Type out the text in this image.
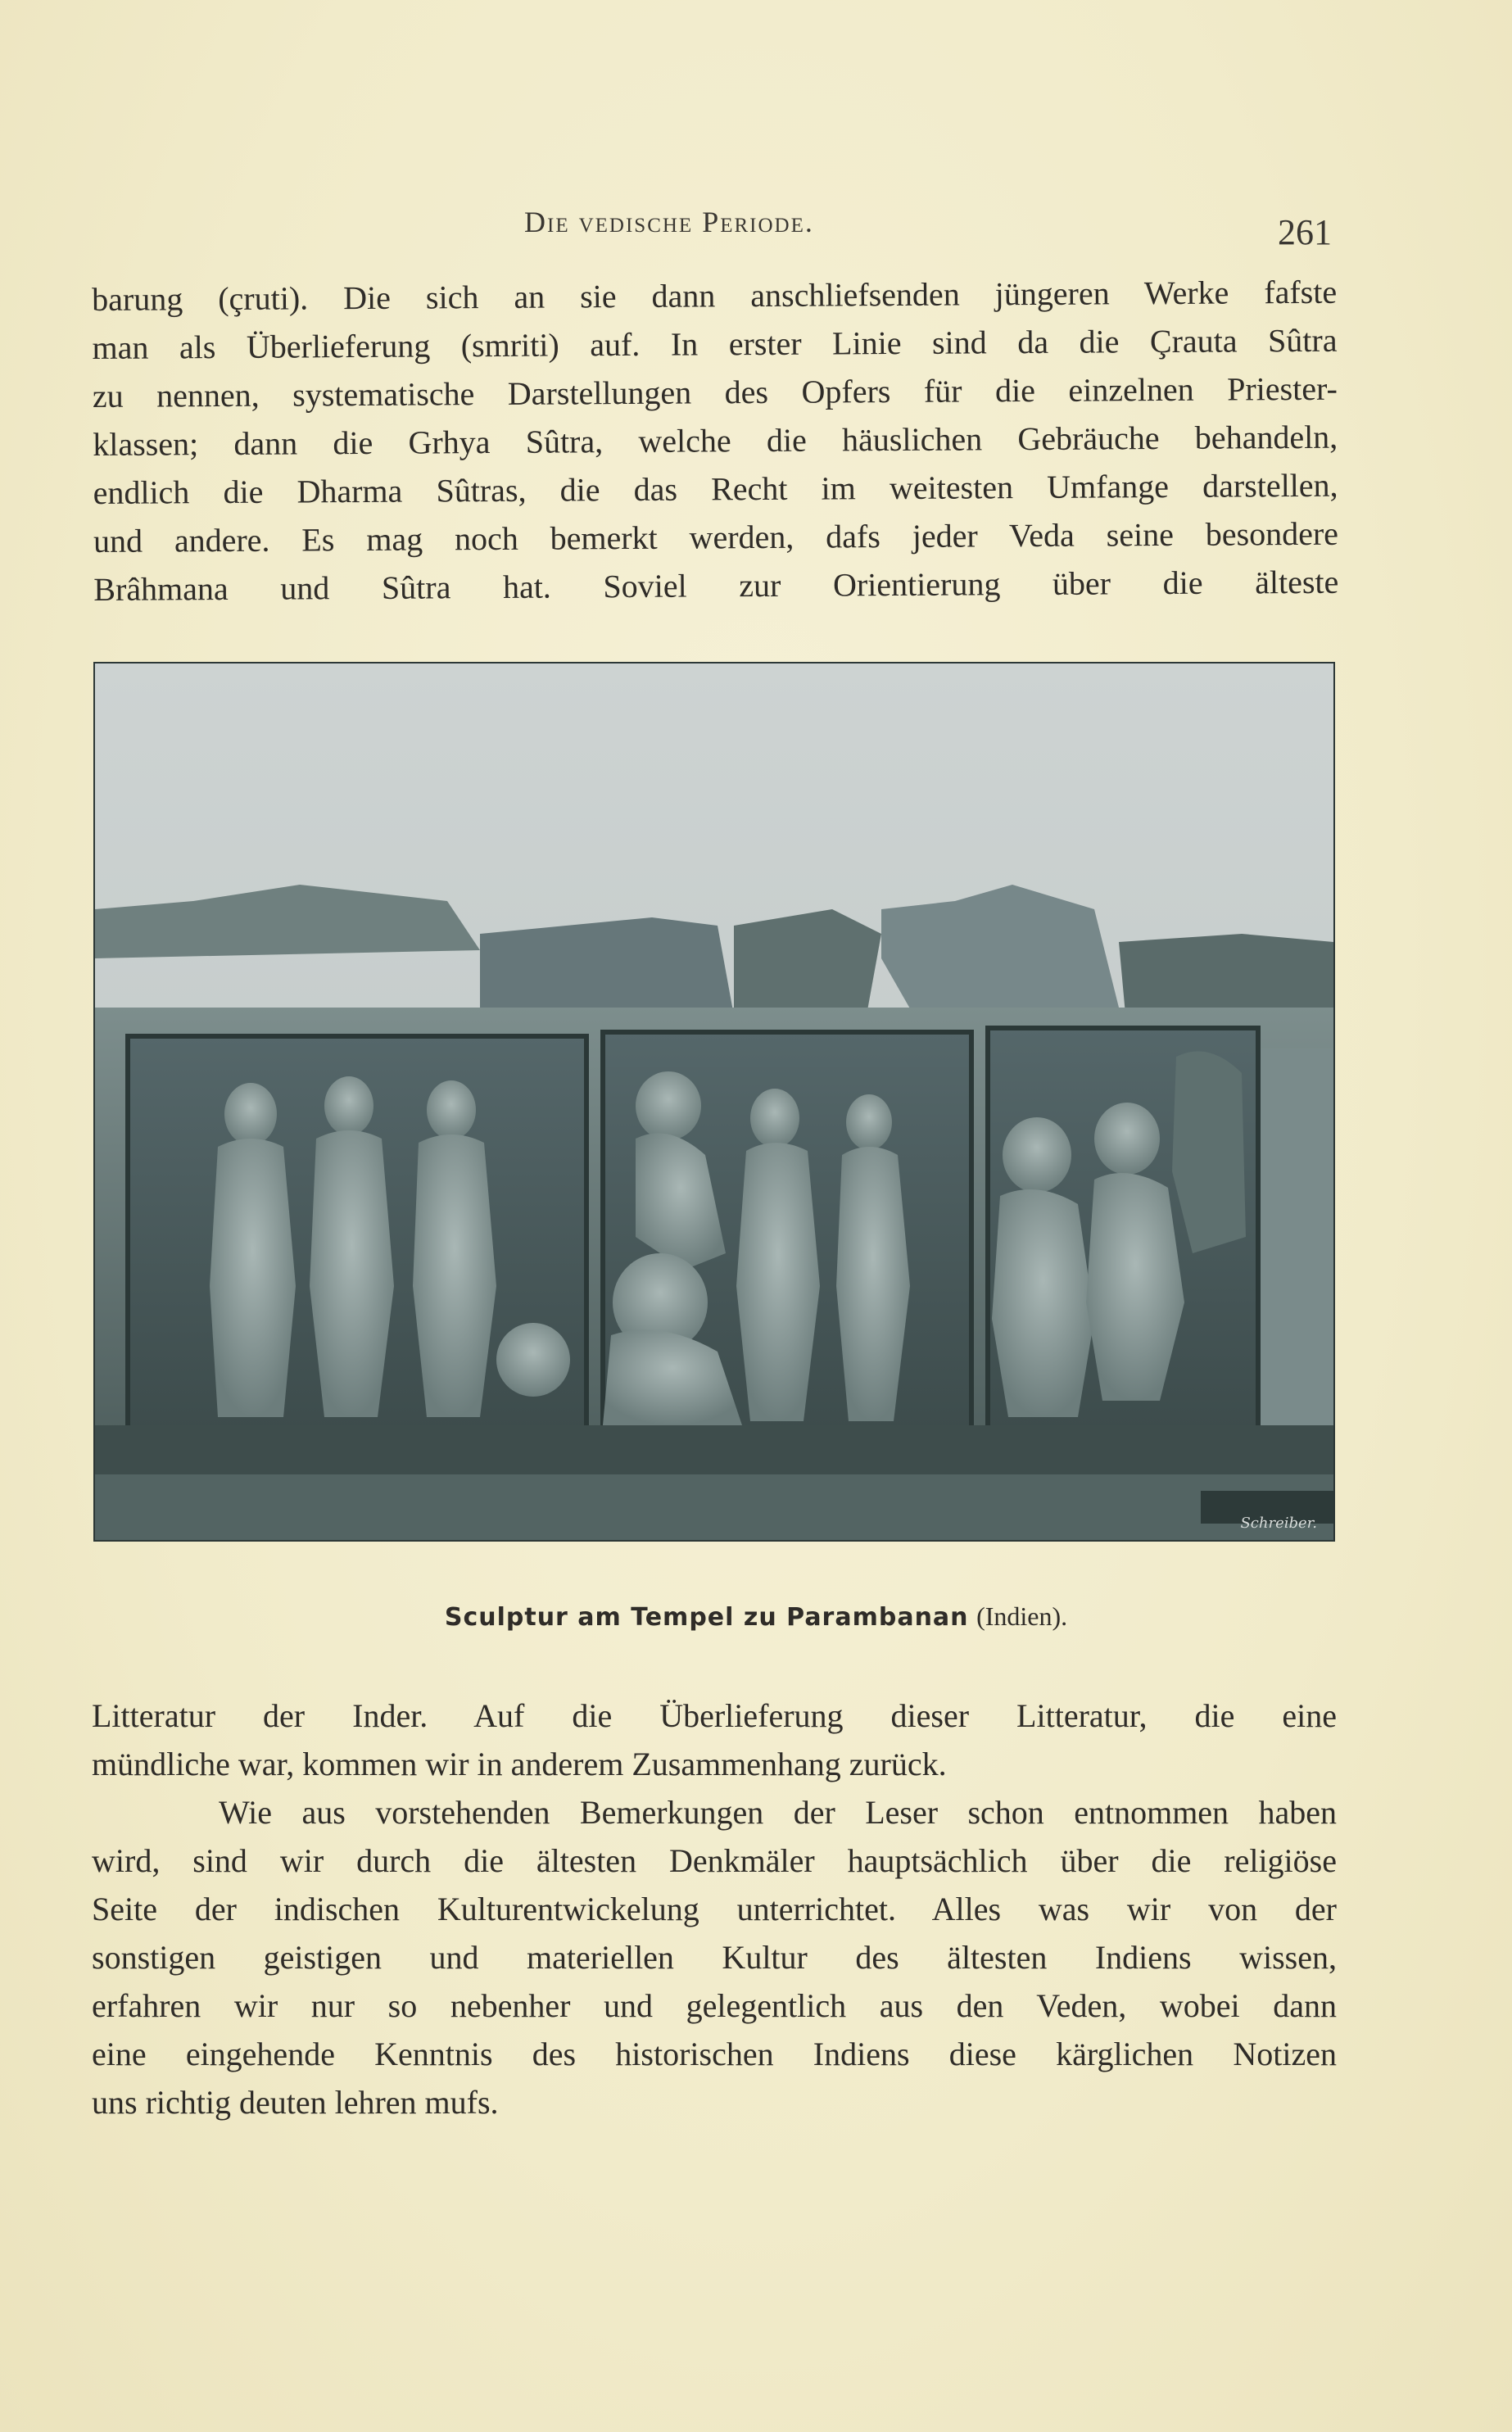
Die vedische Periode.	261
barung (çruti). Die sich an sie dann anschliefsenden jüngeren Werke fafste
man als Überlieferung (smriti) auf. In erster Linie sind da die Çrauta Sûtra
zu nennen, systematische Darstellungen des Opfers für die einzelnen Priester-
klassen; dann die Grhya Sûtra, welche die häuslichen Gebräuche behandeln,
endlich die Dharma Sûtras, die das Recht im weitesten Umfange darstellen,
und andere. Es mag noch bemerkt werden, dafs jeder Veda seine besondere
Brâhmana und Sûtra hat. Soviel zur Orientierung über die älteste
Schreiber.
Sculptur am Tempel zu Parambanan (Indien).
Litteratur der Inder. Auf die Überlieferung dieser Litteratur, die eine
mündliche war, kommen wir in anderem Zusammenhang zurück.
Wie aus vorstehenden Bemerkungen der Leser schon entnommen haben
wird, sind wir durch die ältesten Denkmäler hauptsächlich über die religiöse
Seite der indischen Kulturentwickelung unterrichtet. Alles was wir von der
sonstigen geistigen und materiellen Kultur des ältesten Indiens wissen,
erfahren wir nur so nebenher und gelegentlich aus den Veden, wobei dann
eine eingehende Kenntnis des historischen Indiens diese kärglichen Notizen
uns richtig deuten lehren mufs.
